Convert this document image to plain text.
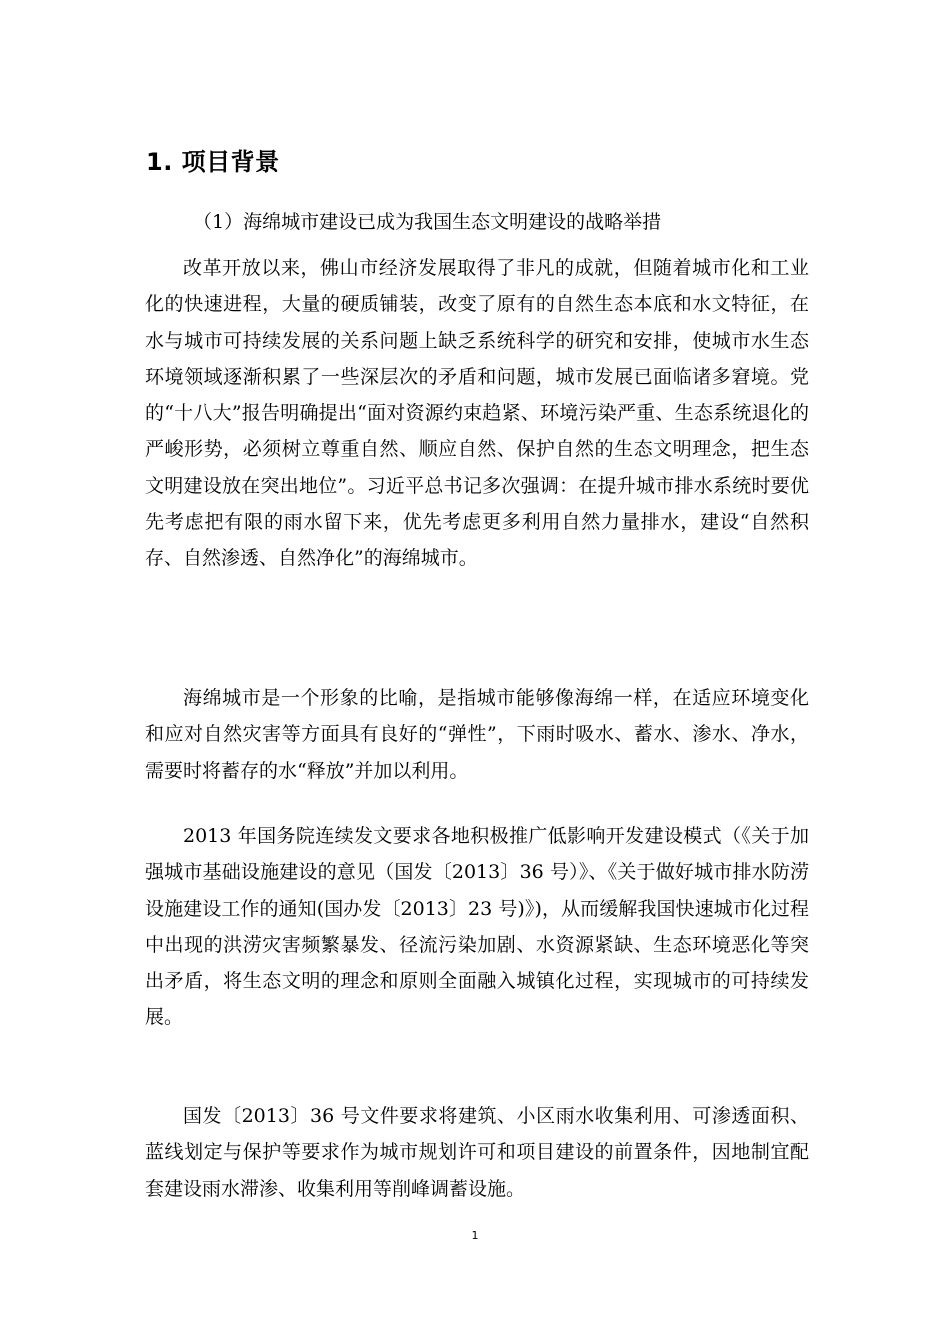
1. 项目背景

（1）海绵城市建设已成为我国生态文明建设的战略举措

改革开放以来，佛山市经济发展取得了非凡的成就，但随着城市化和工业化的快速进程，大量的硬质铺装，改变了原有的自然生态本底和水文特征，在水与城市可持续发展的关系问题上缺乏系统科学的研究和安排，使城市水生态环境领域逐渐积累了一些深层次的矛盾和问题，城市发展已面临诸多窘境。党的“十八大”报告明确提出“面对资源约束趋紧、环境污染严重、生态系统退化的严峻形势，必须树立尊重自然、顺应自然、保护自然的生态文明理念，把生态文明建设放在突出地位”。习近平总书记多次强调：在提升城市排水系统时要优先考虑把有限的雨水留下来，优先考虑更多利用自然力量排水，建设“自然积存、自然渗透、自然净化”的海绵城市。

海绵城市是一个形象的比喻，是指城市能够像海绵一样，在适应环境变化和应对自然灾害等方面具有良好的“弹性”，下雨时吸水、蓄水、渗水、净水，需要时将蓄存的水“释放”并加以利用。

2013 年国务院连续发文要求各地积极推广低影响开发建设模式（《关于加强城市基础设施建设的意见（国发〔2013〕36 号）》、《关于做好城市排水防涝设施建设工作的通知(国办发〔2013〕23 号)》)，从而缓解我国快速城市化过程中出现的洪涝灾害频繁暴发、径流污染加剧、水资源紧缺、生态环境恶化等突出矛盾，将生态文明的理念和原则全面融入城镇化过程，实现城市的可持续发展。

国发〔2013〕36 号文件要求将建筑、小区雨水收集利用、可渗透面积、蓝线划定与保护等要求作为城市规划许可和项目建设的前置条件，因地制宜配套建设雨水滞渗、收集利用等削峰调蓄设施。

1
